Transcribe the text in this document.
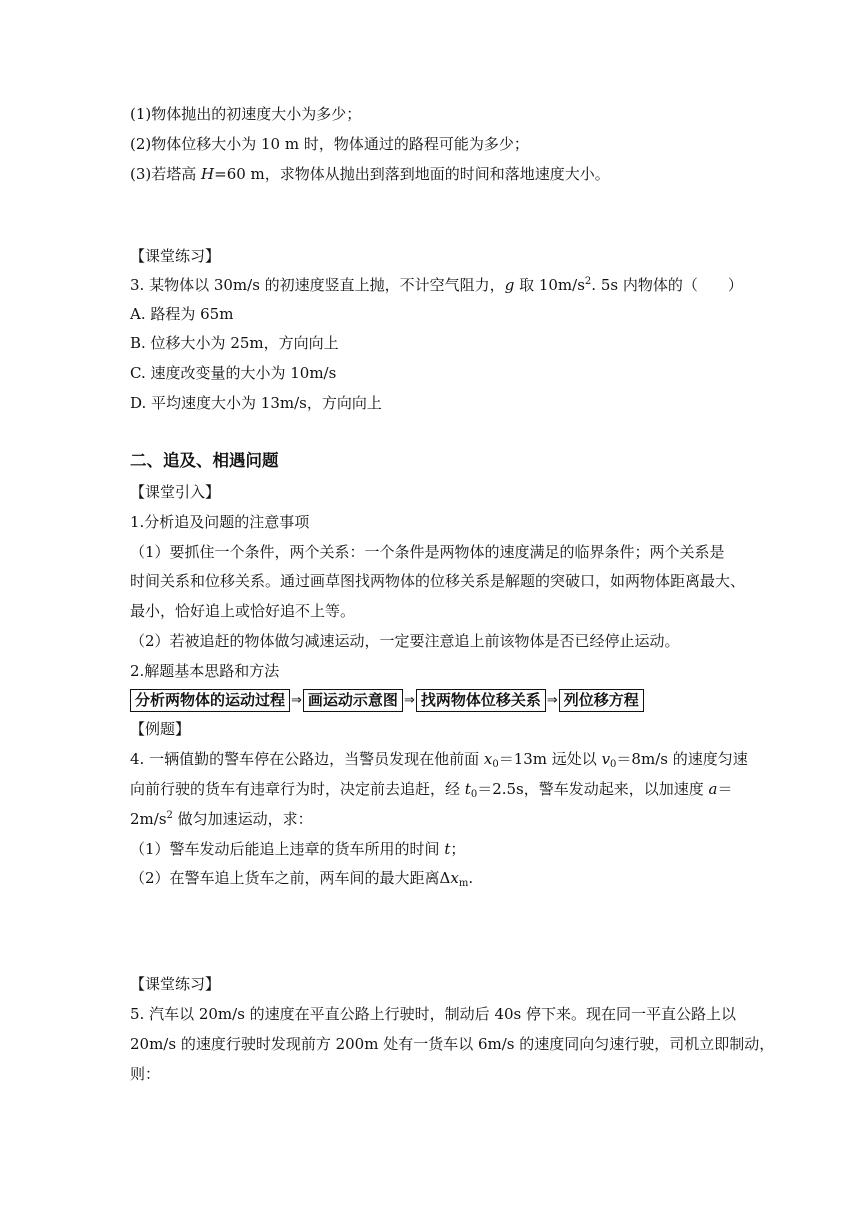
(1)物体抛出的初速度大小为多少；
(2)物体位移大小为 10 m 时，物体通过的路程可能为多少；
(3)若塔高 H=60 m，求物体从抛出到落到地面的时间和落地速度大小。
【课堂练习】
3. 某物体以 30m/s 的初速度竖直上抛，不计空气阻力，g 取 $10m/s^2$. 5s 内物体的（　　）
A. 路程为 65m
B. 位移大小为 25m，方向向上
C. 速度改变量的大小为 10m/s
D. 平均速度大小为 13m/s，方向向上
二、追及、相遇问题
【课堂引入】
1.分析追及问题的注意事项
（1）要抓住一个条件，两个关系：一个条件是两物体的速度满足的临界条件；两个关系是
时间关系和位移关系。通过画草图找两物体的位移关系是解题的突破口，如两物体距离最大、
最小，恰好追上或恰好追不上等。
（2）若被追赶的物体做匀减速运动，一定要注意追上前该物体是否已经停止运动。
2.解题基本思路和方法
分析两物体的运动过程 ⇒ 画运动示意图 ⇒ 找两物体位移关系 ⇒ 列位移方程
【例题】
4. 一辆值勤的警车停在公路边，当警员发现在他前面 $x_0=13m$ 远处以 $v_0=8m/s$ 的速度匀速
向前行驶的货车有违章行为时，决定前去追赶，经 $t_0=2.5s$，警车发动起来，以加速度 a＝
$2m/s^2$ 做匀加速运动，求：
（1）警车发动后能追上违章的货车所用的时间 t；
（2）在警车追上货车之前，两车间的最大距离$\Delta x_m$.
【课堂练习】
5. 汽车以 20m/s 的速度在平直公路上行驶时，制动后 40s 停下来。现在同一平直公路上以
20m/s 的速度行驶时发现前方 200m 处有一货车以 6m/s 的速度同向匀速行驶，司机立即制动，
则：
